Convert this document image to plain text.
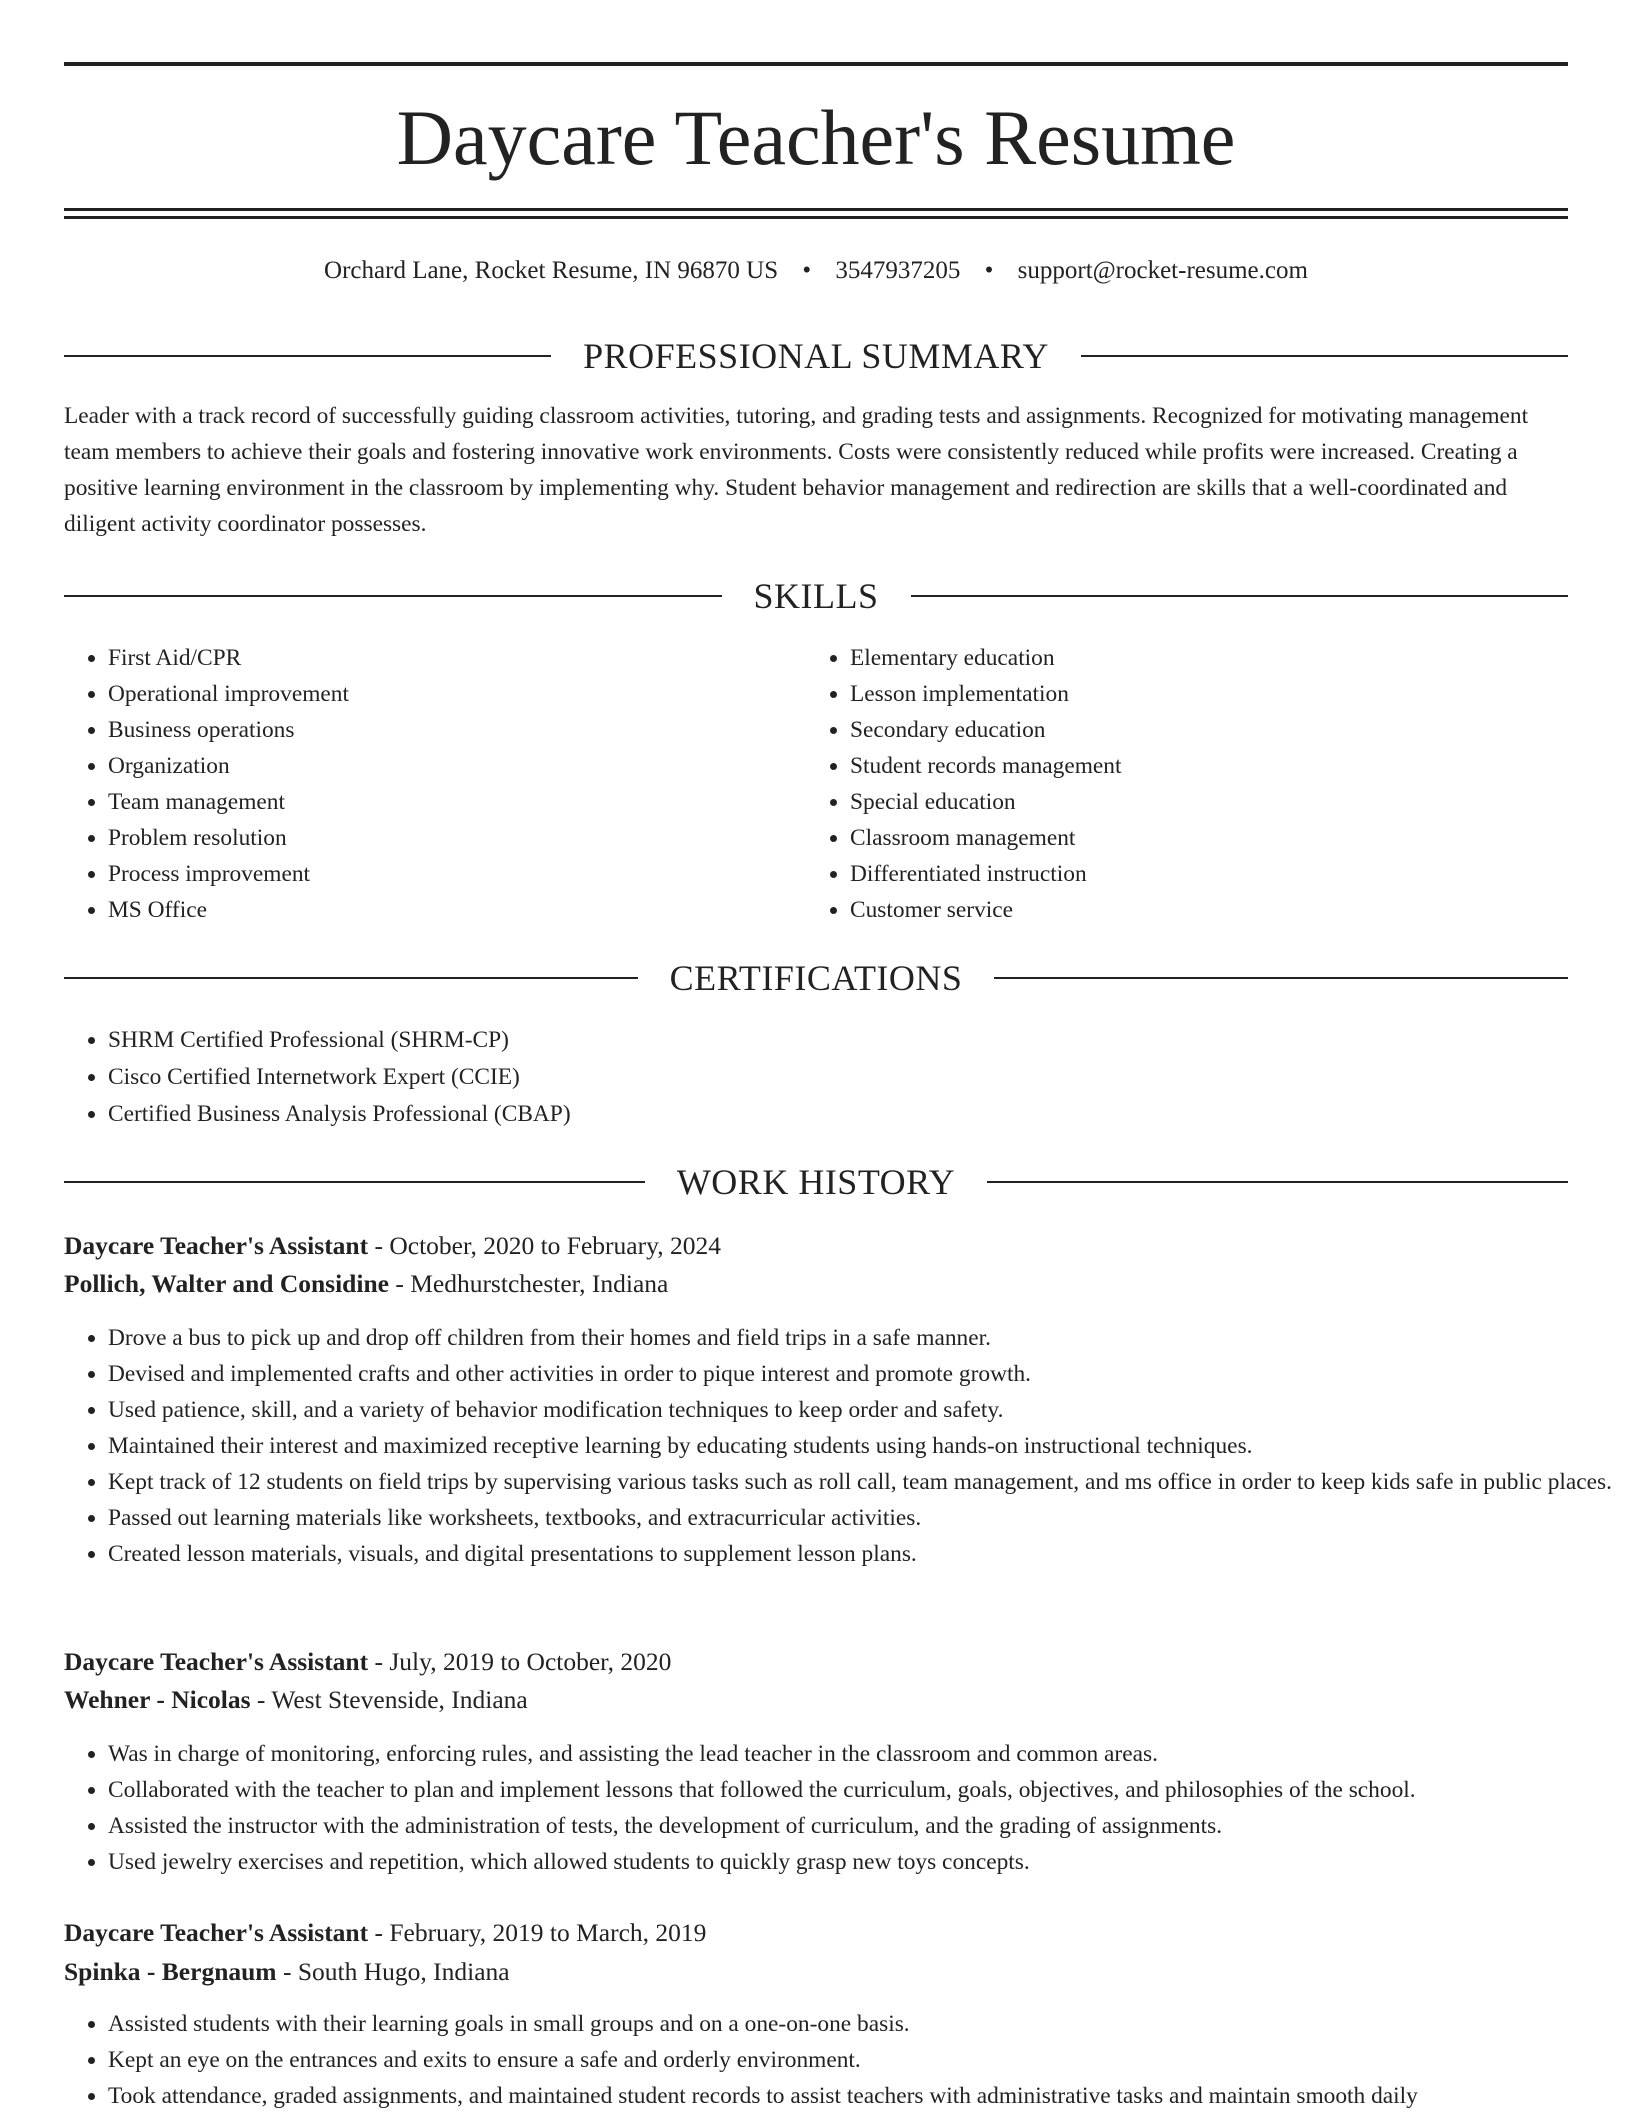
Daycare Teacher's Resume
Orchard Lane, Rocket Resume, IN 96870 US • 3547937205 • support@rocket-resume.com
PROFESSIONAL SUMMARY
Leader with a track record of successfully guiding classroom activities, tutoring, and grading tests and assignments. Recognized for motivating management team members to achieve their goals and fostering innovative work environments. Costs were consistently reduced while profits were increased. Creating a positive learning environment in the classroom by implementing why. Student behavior management and redirection are skills that a well-coordinated and diligent activity coordinator possesses.
SKILLS
• First Aid/CPR
• Operational improvement
• Business operations
• Organization
• Team management
• Problem resolution
• Process improvement
• MS Office
• Elementary education
• Lesson implementation
• Secondary education
• Student records management
• Special education
• Classroom management
• Differentiated instruction
• Customer service
CERTIFICATIONS
• SHRM Certified Professional (SHRM-CP)
• Cisco Certified Internetwork Expert (CCIE)
• Certified Business Analysis Professional (CBAP)
WORK HISTORY
Daycare Teacher's Assistant - October, 2020 to February, 2024
Pollich, Walter and Considine - Medhurstchester, Indiana
• Drove a bus to pick up and drop off children from their homes and field trips in a safe manner.
• Devised and implemented crafts and other activities in order to pique interest and promote growth.
• Used patience, skill, and a variety of behavior modification techniques to keep order and safety.
• Maintained their interest and maximized receptive learning by educating students using hands-on instructional techniques.
• Kept track of 12 students on field trips by supervising various tasks such as roll call, team management, and ms office in order to keep kids safe in public places.
• Passed out learning materials like worksheets, textbooks, and extracurricular activities.
• Created lesson materials, visuals, and digital presentations to supplement lesson plans.
Daycare Teacher's Assistant - July, 2019 to October, 2020
Wehner - Nicolas - West Stevenside, Indiana
• Was in charge of monitoring, enforcing rules, and assisting the lead teacher in the classroom and common areas.
• Collaborated with the teacher to plan and implement lessons that followed the curriculum, goals, objectives, and philosophies of the school.
• Assisted the instructor with the administration of tests, the development of curriculum, and the grading of assignments.
• Used jewelry exercises and repetition, which allowed students to quickly grasp new toys concepts.
Daycare Teacher's Assistant - February, 2019 to March, 2019
Spinka - Bergnaum - South Hugo, Indiana
• Assisted students with their learning goals in small groups and on a one-on-one basis.
• Kept an eye on the entrances and exits to ensure a safe and orderly environment.
• Took attendance, graded assignments, and maintained student records to assist teachers with administrative tasks and maintain smooth daily
